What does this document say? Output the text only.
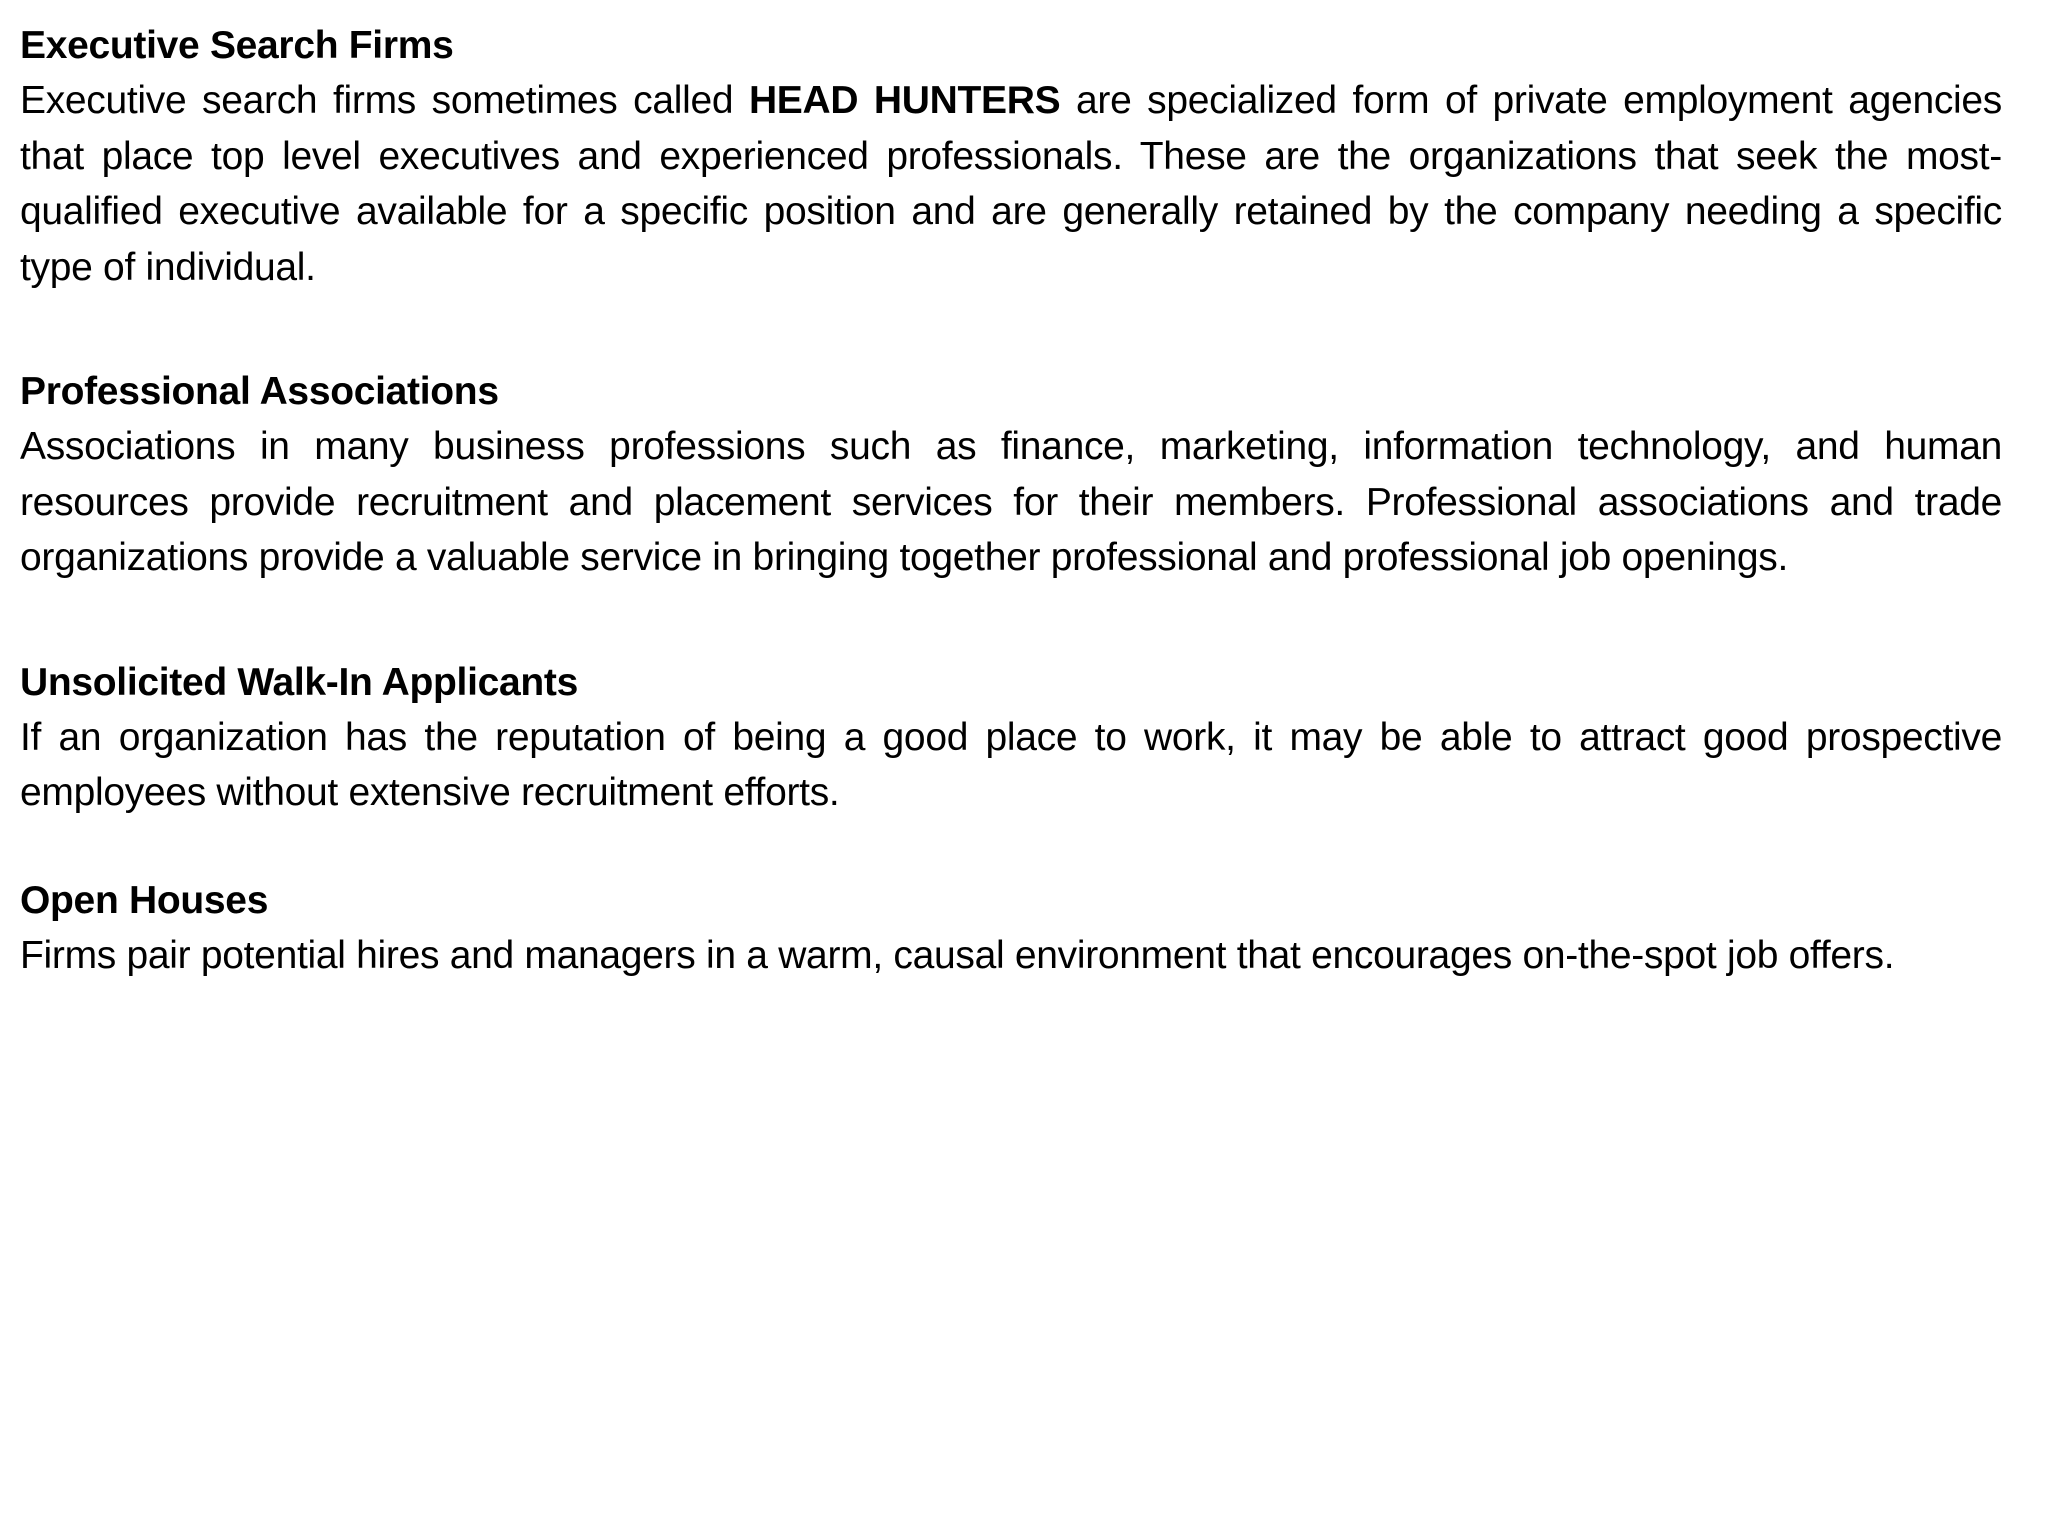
Executive Search Firms

Executive search firms sometimes called HEAD HUNTERS are specialized form of private employment agencies that place top level executives and experienced professionals. These are the organizations that seek the most-qualified executive available for a specific position and are generally retained by the company needing a specific type of individual.

Professional Associations

Associations in many business professions such as finance, marketing, information technology, and human resources provide recruitment and placement services for their members. Professional associations and trade organizations provide a valuable service in bringing together professional and professional job openings.

Unsolicited Walk-In Applicants

If an organization has the reputation of being a good place to work, it may be able to attract good prospective employees without extensive recruitment efforts.

Open Houses

Firms pair potential hires and managers in a warm, causal environment that encourages on-the-spot job offers.
